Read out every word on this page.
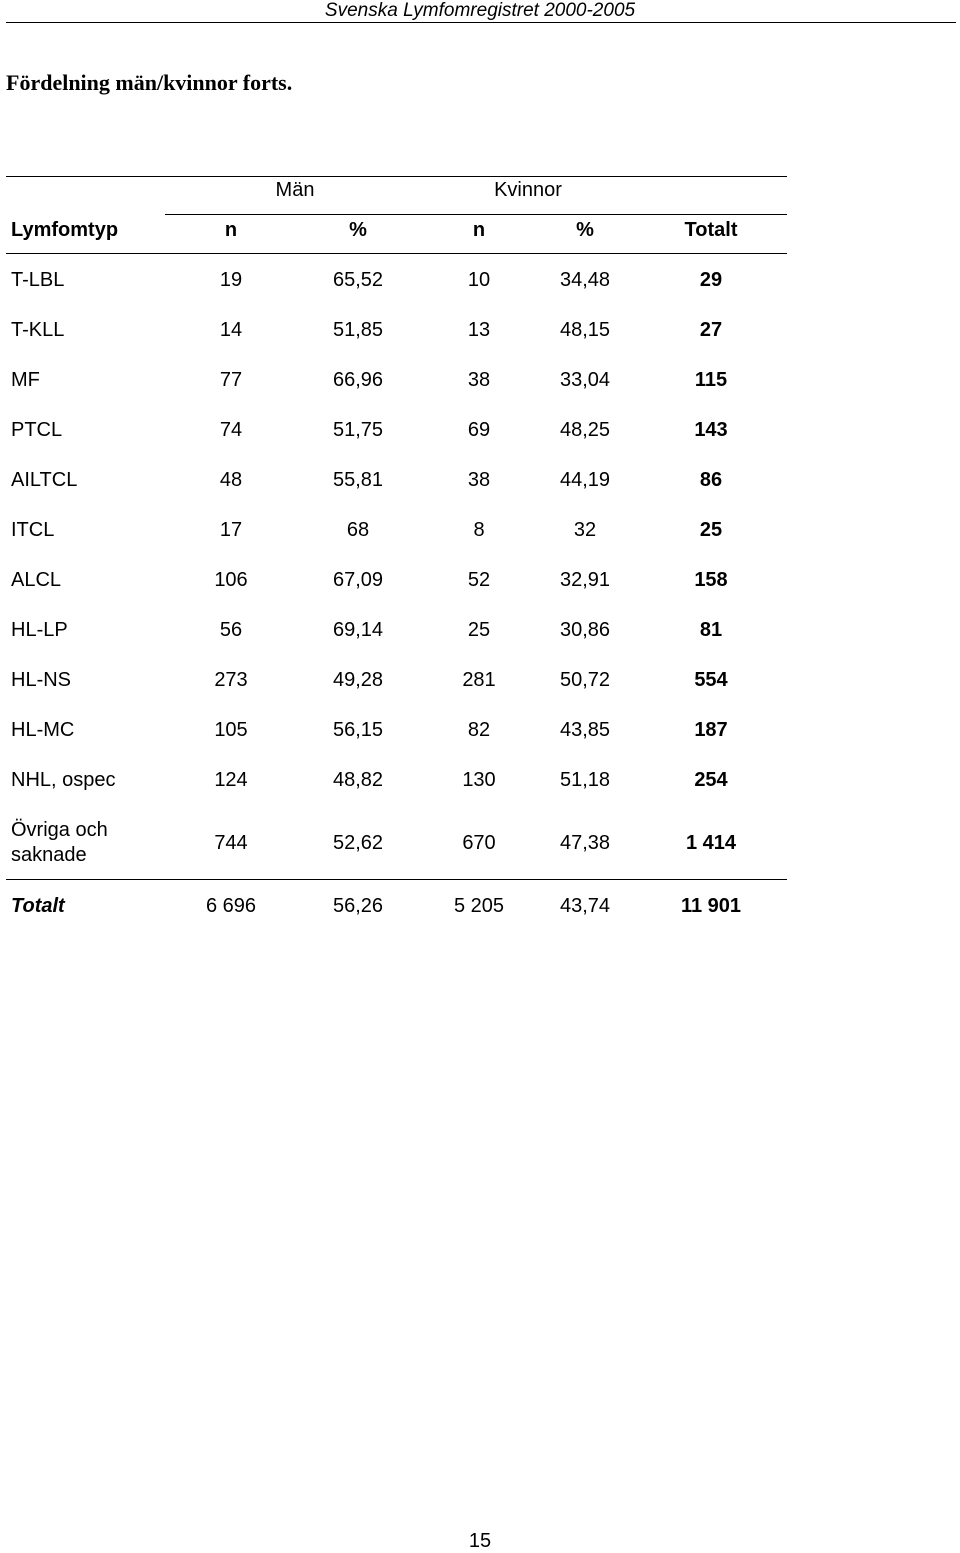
Svenska Lymfomregistret 2000-2005
Fördelning män/kvinnor forts.
Män	Kvinnor
Lymfomtyp	n	%	n	%	Totalt
T-LBL	19	65,52	10	34,48	29
T-KLL	14	51,85	13	48,15	27
MF	77	66,96	38	33,04	115
PTCL	74	51,75	69	48,25	143
AILTCL	48	55,81	38	44,19	86
ITCL	17	68	8	32	25
ALCL	106	67,09	52	32,91	158
HL-LP	56	69,14	25	30,86	81
HL-NS	273	49,28	281	50,72	554
HL-MC	105	56,15	82	43,85	187
NHL, ospec	124	48,82	130	51,18	254
Övriga och
saknade
744	52,62	670	47,38	1 414
Totalt	6 696	56,26	5 205	43,74	11 901
15
